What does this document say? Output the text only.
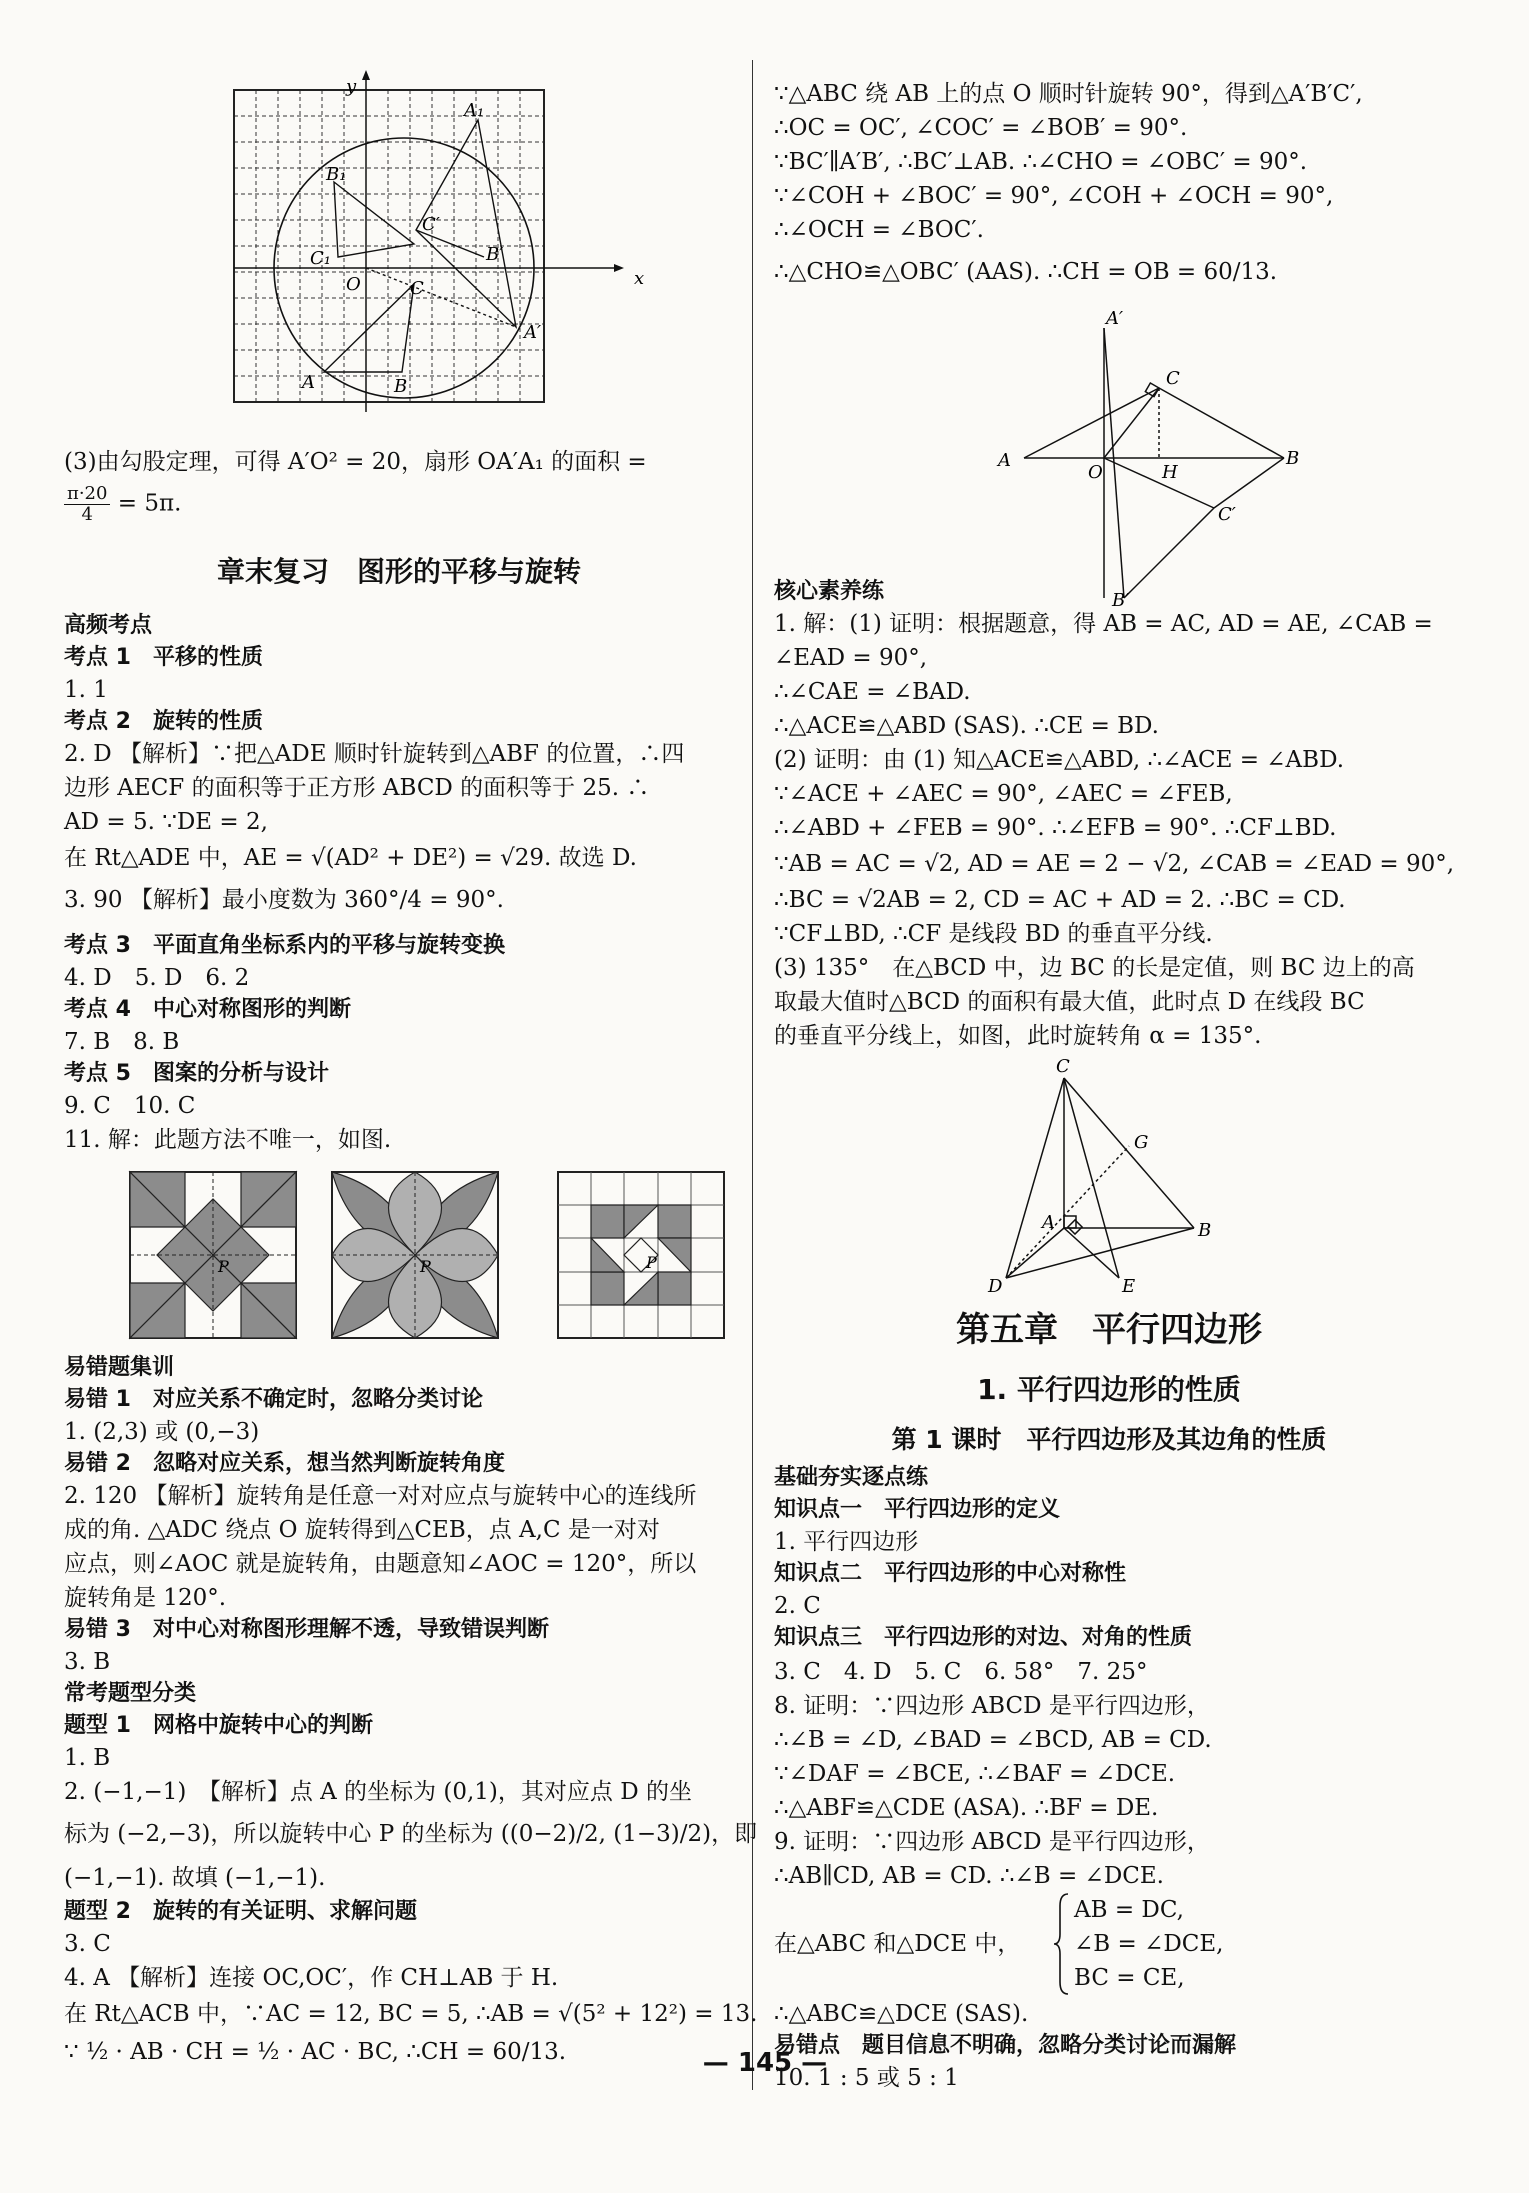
y
x
O
A₁
B₁
C₁
C′
B′
C
A′
A	B
(3)由勾股定理，可得 A′O² = 20，扇形 OA′A₁ 的面积 =
$\frac{\pi\cdot 20}{4} = 5\pi$.
章末复习　图形的平移与旋转
高频考点
考点 1　平移的性质
1. 1
考点 2　旋转的性质
2. D 【解析】∵把△ADE 顺时针旋转到△ABF 的位置，∴四
边形 AECF 的面积等于正方形 ABCD 的面积等于 25. ∴
AD = 5. ∵DE = 2,
在 Rt△ADE 中，AE = √(AD² + DE²) = √29. 故选 D.
3. 90 【解析】最小度数为 360°/4 = 90°.
考点 3　平面直角坐标系内的平移与旋转变换
4. D　5. D　6. 2
考点 4　中心对称图形的判断
7. B　8. B
考点 5　图案的分析与设计
9. C　10. C
11. 解：此题方法不唯一，如图.
P	P	P
易错题集训
易错 1　对应关系不确定时，忽略分类讨论
1. (2,3) 或 (0,−3)
易错 2　忽略对应关系，想当然判断旋转角度
2. 120 【解析】旋转角是任意一对对应点与旋转中心的连线所
成的角. △ADC 绕点 O 旋转得到△CEB，点 A,C 是一对对
应点，则∠AOC 就是旋转角，由题意知∠AOC = 120°，所以
旋转角是 120°.
易错 3　对中心对称图形理解不透，导致错误判断
3. B
常考题型分类
题型 1　网格中旋转中心的判断
1. B
2. (−1,−1)　【解析】点 A 的坐标为 (0,1)，其对应点 D 的坐
标为 (−2,−3)，所以旋转中心 P 的坐标为 ((0−2)/2, (1−3)/2)，即
(−1,−1). 故填 (−1,−1).
题型 2　旋转的有关证明、求解问题
3. C
4. A 【解析】连接 OC,OC′，作 CH⊥AB 于 H.
在 Rt△ACB 中，∵AC = 12, BC = 5, ∴AB = √(5² + 12²) = 13.
∵ ½ · AB · CH = ½ · AC · BC, ∴CH = 60/13.
∵△ABC 绕 AB 上的点 O 顺时针旋转 90°，得到△A′B′C′,
∴OC = OC′, ∠COC′ = ∠BOB′ = 90°.
∵BC′∥A′B′, ∴BC′⊥AB. ∴∠CHO = ∠OBC′ = 90°.
∵∠COH + ∠BOC′ = 90°, ∠COH + ∠OCH = 90°,
∴∠OCH = ∠BOC′.
∴△CHO≌△OBC′ (AAS). ∴CH = OB = 60/13.
A′
C
A
O	H
B
C′
B′
核心素养练
1. 解：(1) 证明：根据题意，得 AB = AC, AD = AE, ∠CAB =
∠EAD = 90°,
∴∠CAE = ∠BAD.
∴△ACE≌△ABD (SAS). ∴CE = BD.
(2) 证明：由 (1) 知△ACE≌△ABD, ∴∠ACE = ∠ABD.
∵∠ACE + ∠AEC = 90°, ∠AEC = ∠FEB,
∴∠ABD + ∠FEB = 90°. ∴∠EFB = 90°. ∴CF⊥BD.
∵AB = AC = √2, AD = AE = 2 − √2, ∠CAB = ∠EAD = 90°,
∴BC = √2AB = 2, CD = AC + AD = 2. ∴BC = CD.
∵CF⊥BD, ∴CF 是线段 BD 的垂直平分线.
(3) 135°　在△BCD 中，边 BC 的长是定值，则 BC 边上的高
取最大值时△BCD 的面积有最大值，此时点 D 在线段 BC
的垂直平分线上，如图，此时旋转角 α = 135°.
C
G
A	B
D	E
第五章　平行四边形
1. 平行四边形的性质
第 1 课时　平行四边形及其边角的性质
基础夯实逐点练
知识点一　平行四边形的定义
1. 平行四边形
知识点二　平行四边形的中心对称性
2. C
知识点三　平行四边形的对边、对角的性质
3. C　4. D　5. C　6. 58°　7. 25°
8. 证明：∵四边形 ABCD 是平行四边形，
∴∠B = ∠D, ∠BAD = ∠BCD, AB = CD.
∵∠DAF = ∠BCE, ∴∠BAF = ∠DCE.
∴△ABF≌△CDE (ASA). ∴BF = DE.
9. 证明：∵四边形 ABCD 是平行四边形，
∴AB∥CD, AB = CD. ∴∠B = ∠DCE.
在△ABC 和△DCE 中，
AB = DC,
∠B = ∠DCE,
BC = CE,
∴△ABC≌△DCE (SAS).
易错点　题目信息不明确，忽略分类讨论而漏解
10. 1 : 5 或 5 : 1
— 145 —
